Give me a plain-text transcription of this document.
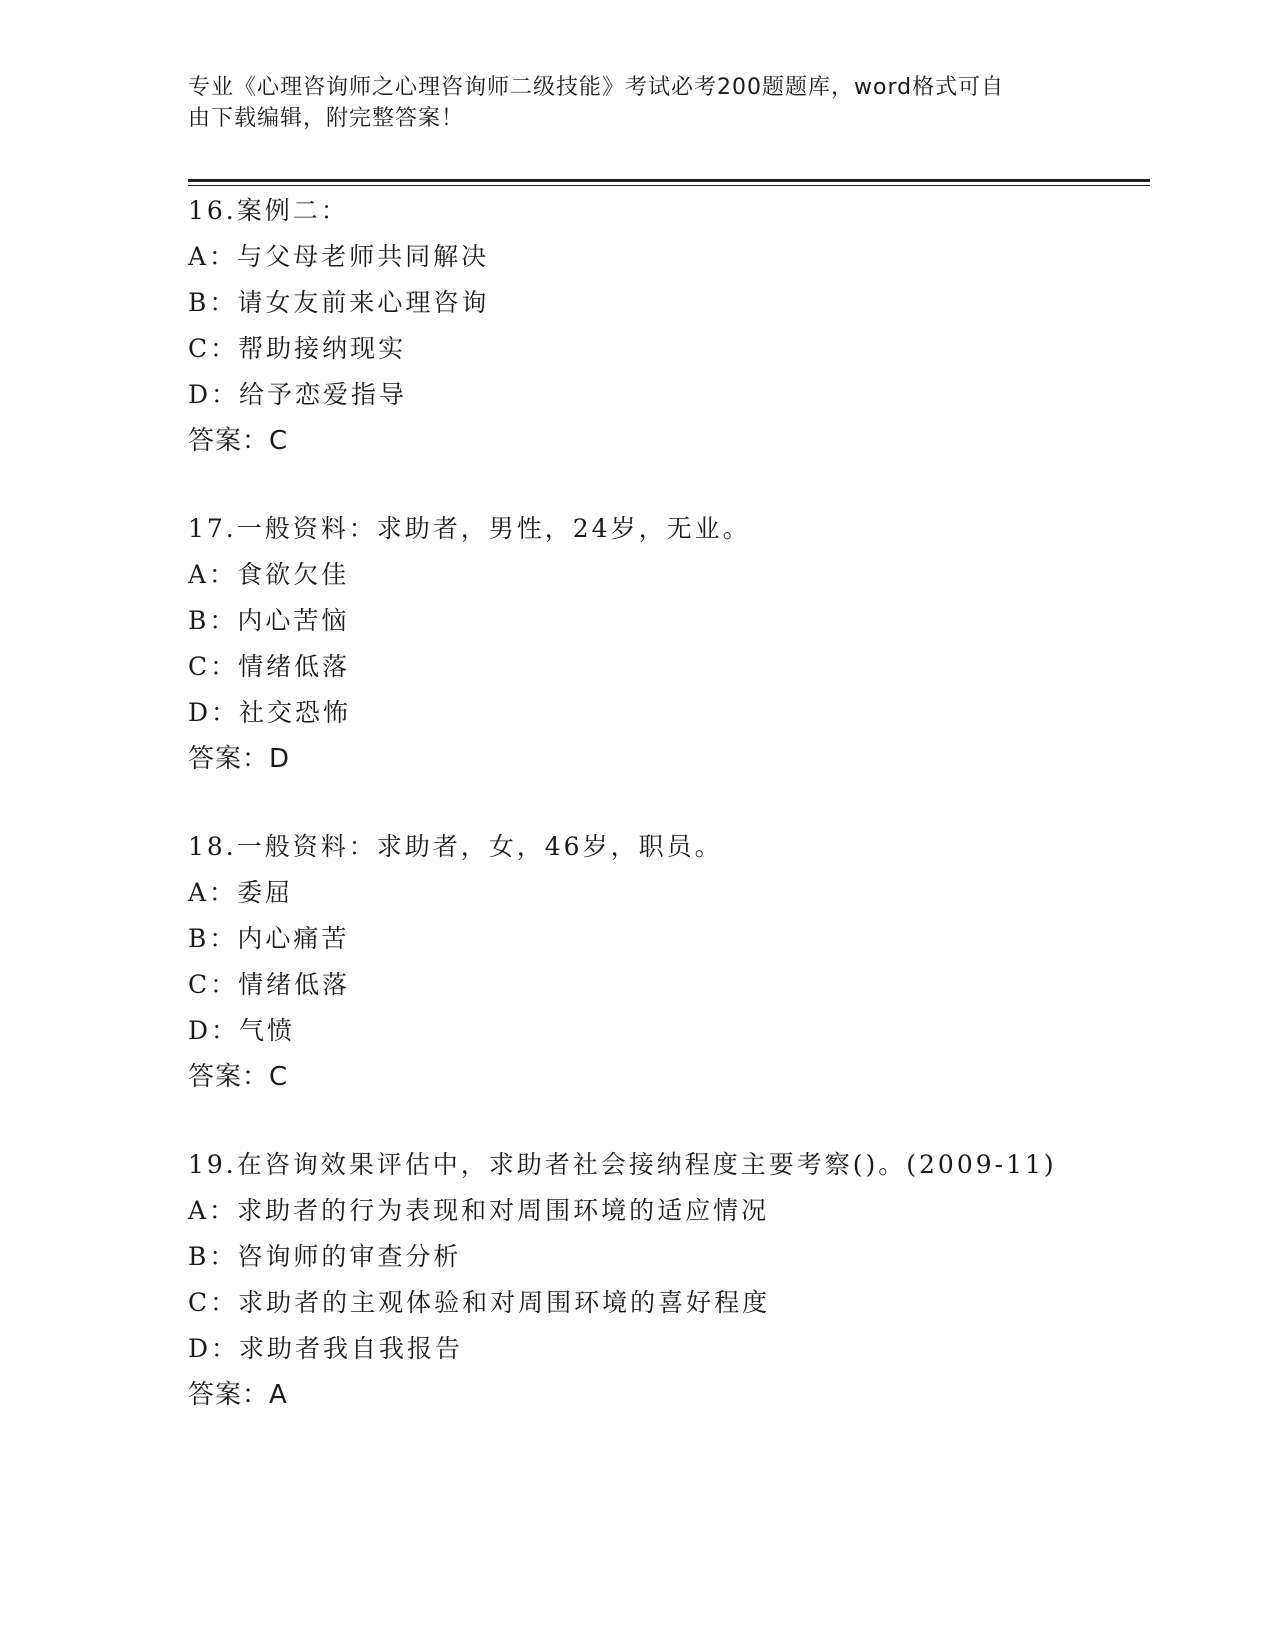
专业《心理咨询师之心理咨询师二级技能》考试必考200题题库，word格式可自
由下载编辑，附完整答案！
16.案例二：
A：与父母老师共同解决
B：请女友前来心理咨询
C：帮助接纳现实
D：给予恋爱指导
答案：C
17.一般资料：求助者，男性，24岁，无业。
A：食欲欠佳
B：内心苦恼
C：情绪低落
D：社交恐怖
答案：D
18.一般资料：求助者，女，46岁，职员。
A：委屈
B：内心痛苦
C：情绪低落
D：气愤
答案：C
19.在咨询效果评估中，求助者社会接纳程度主要考察()。(2009-11)
A：求助者的行为表现和对周围环境的适应情况
B：咨询师的审查分析
C：求助者的主观体验和对周围环境的喜好程度
D：求助者我自我报告
答案：A
